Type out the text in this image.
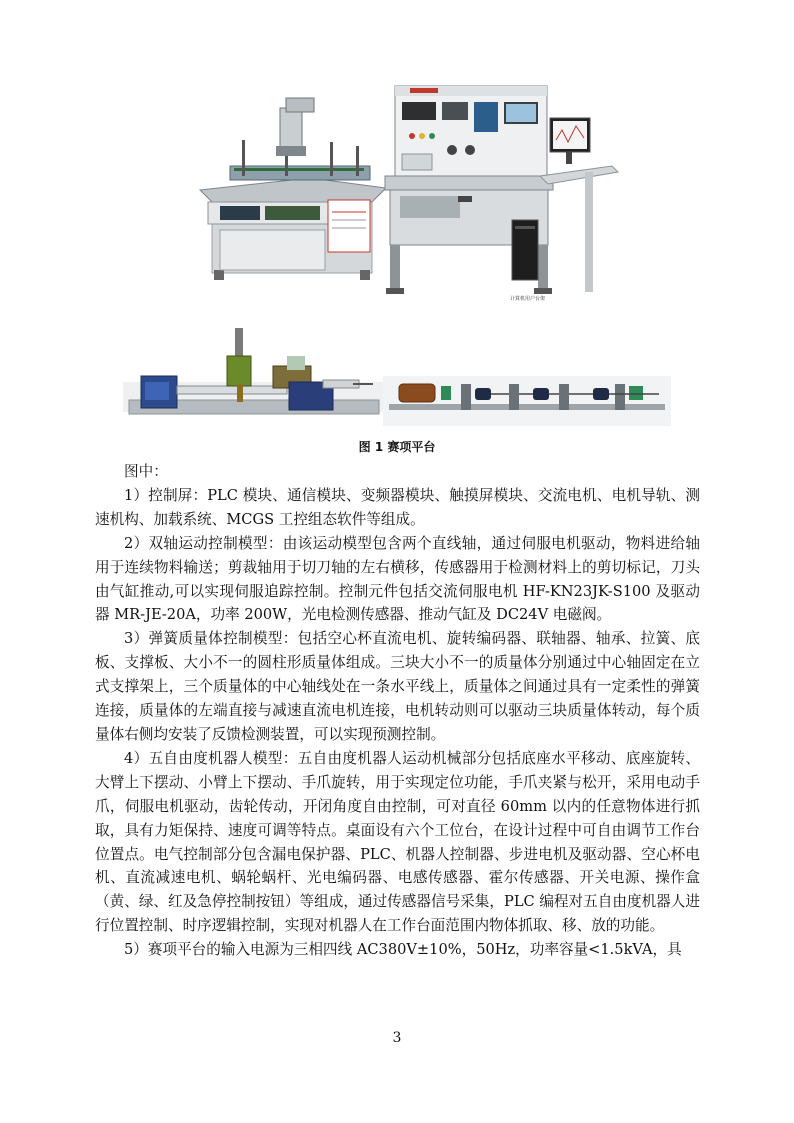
计算机用户台架
图 1 赛项平台

图中：

1）控制屏：PLC 模块、通信模块、变频器模块、触摸屏模块、交流电机、电机导轨、测速机构、加载系统、MCGS 工控组态软件等组成。

2）双轴运动控制模型：由该运动模型包含两个直线轴，通过伺服电机驱动，物料进给轴用于连续物料输送；剪裁轴用于切刀轴的左右横移，传感器用于检测材料上的剪切标记，刀头由气缸推动,可以实现伺服追踪控制。控制元件包括交流伺服电机 HF-KN23JK-S100 及驱动器 MR-JE-20A，功率 200W，光电检测传感器、推动气缸及 DC24V 电磁阀。

3）弹簧质量体控制模型：包括空心杯直流电机、旋转编码器、联轴器、轴承、拉簧、底板、支撑板、大小不一的圆柱形质量体组成。三块大小不一的质量体分别通过中心轴固定在立式支撑架上，三个质量体的中心轴线处在一条水平线上，质量体之间通过具有一定柔性的弹簧连接，质量体的左端直接与减速直流电机连接，电机转动则可以驱动三块质量体转动，每个质量体右侧均安装了反馈检测装置，可以实现预测控制。

4）五自由度机器人模型：五自由度机器人运动机械部分包括底座水平移动、底座旋转、大臂上下摆动、小臂上下摆动、手爪旋转，用于实现定位功能，手爪夹紧与松开，采用电动手爪，伺服电机驱动，齿轮传动，开闭角度自由控制，可对直径 60mm 以内的任意物体进行抓取，具有力矩保持、速度可调等特点。桌面设有六个工位台，在设计过程中可自由调节工作台位置点。电气控制部分包含漏电保护器、PLC、机器人控制器、步进电机及驱动器、空心杯电机、直流减速电机、蜗轮蜗杆、光电编码器、电感传感器、霍尔传感器、开关电源、操作盒（黄、绿、红及急停控制按钮）等组成，通过传感器信号采集，PLC 编程对五自由度机器人进行位置控制、时序逻辑控制，实现对机器人在工作台面范围内物体抓取、移、放的功能。

5）赛项平台的输入电源为三相四线 AC380V±10%，50Hz，功率容量<1.5kVA，具

3
